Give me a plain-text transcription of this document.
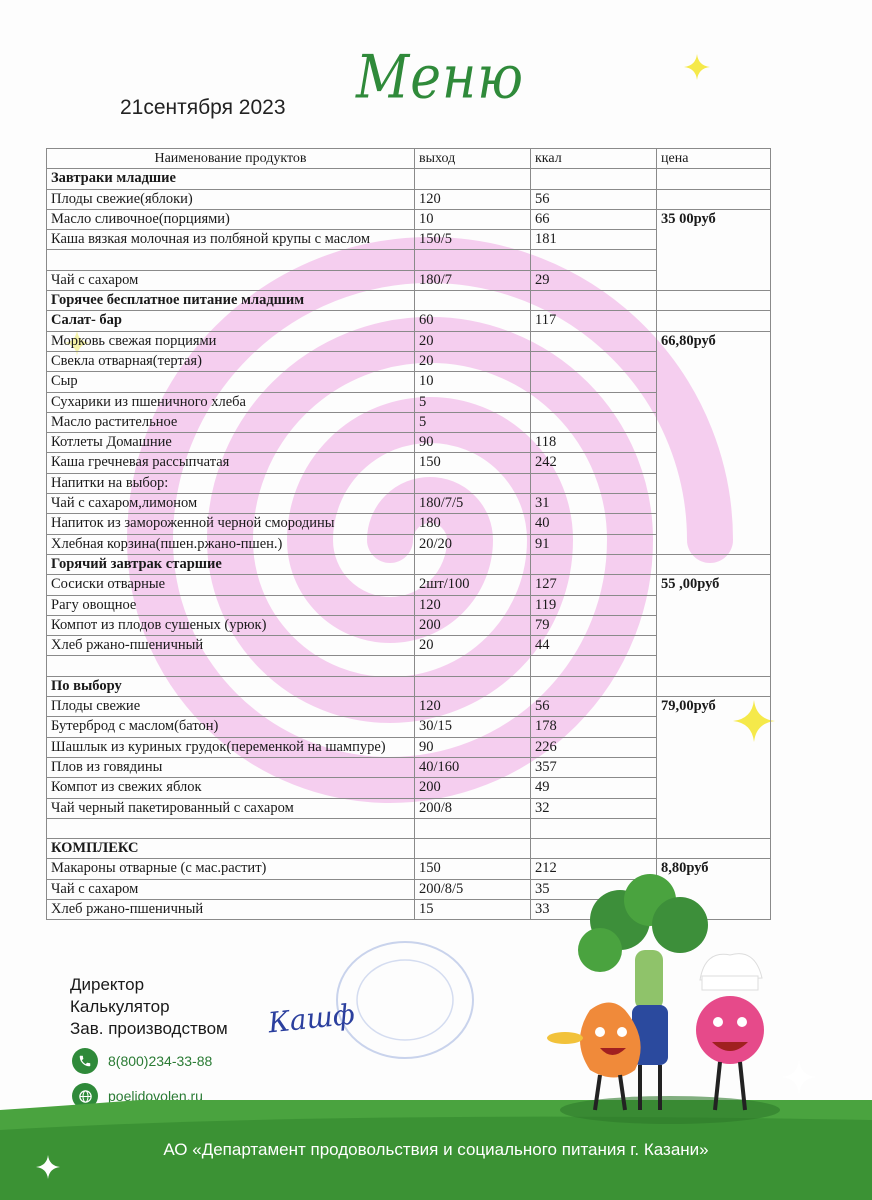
21сентября 2023 Меню
Наименование продуктов	выход	ккал	цена
Завтраки младшие			
Плоды свежие(яблоки)	120	56	
Масло сливочное(порциями)	10	66	35 00руб
Каша вязкая молочная из полбяной крупы с маслом	150/5	181	

Чай с сахаром	180/7	29	
Горячее бесплатное питание младшим			
Салат- бар	60	117	
Морковь свежая порциями	20		66,80руб
Свекла отварная(тертая)	20		
Сыр	10		
Сухарики из пшеничного хлеба	5		
Масло растительное	5		
Котлеты Домашние	90	118	
Каша гречневая рассыпчатая	150	242	
Напитки на выбор:			
Чай с сахаром,лимоном	180/7/5	31	
Напиток из замороженной черной смородины	180	40	
Хлебная корзина(пшен.ржано-пшен.)	20/20	91	
Горячий завтрак старшие			
Сосиски отварные	2шт/100	127	55 ,00руб
Рагу овощное	120	119	
Компот из плодов сушеных (урюк)	200	79	
Хлеб ржано-пшеничный	20	44	

По выбору			
Плоды свежие	120	56	79,00руб
Бутерброд с маслом(батон)	30/15	178	
Шашлык из куриных грудок(переменкой на шампуре)	90	226	
Плов из говядины	40/160	357	
Компот из свежих яблок	200	49	
Чай черный пакетированный с сахаром	200/8	32	

КОМПЛЕКС			
Макароны отварные (с мас.растит)	150	212	8,80руб
Чай с сахаром	200/8/5	35	
Хлеб ржано-пшеничный	15	33	
Директор
Калькулятор
Зав. производством Кашф
8(800)234-33-88
poelidovolen.ru
АО «Департамент продовольствия и социального питания г. Казани»
